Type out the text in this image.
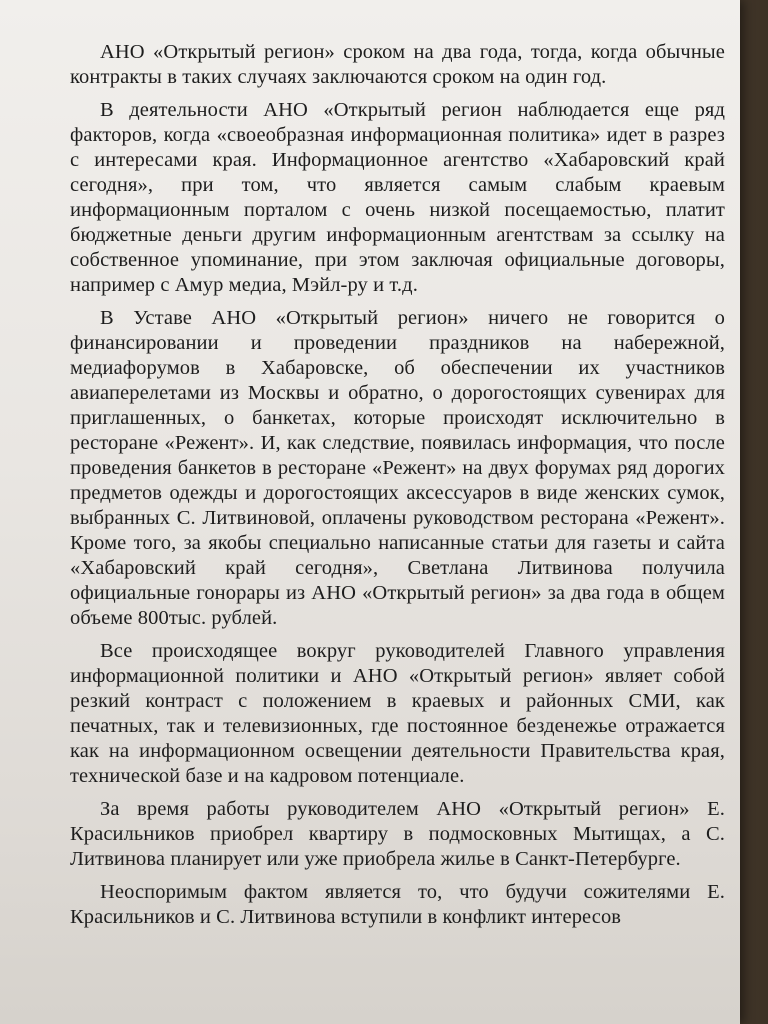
АНО «Открытый регион» сроком на два года, тогда, когда обычные контракты в таких случаях заключаются сроком на один год.

В деятельности АНО «Открытый регион наблюдается еще ряд факторов, когда «своеобразная информационная политика» идет в разрез с интересами края. Информационное агентство «Хабаровский край сегодня», при том, что является самым слабым краевым информационным порталом с очень низкой посещаемостью, платит бюджетные деньги другим информационным агентствам за ссылку на собственное упоминание, при этом заключая официальные договоры, например с Амур медиа, Мэйл-ру и т.д.

В Уставе АНО «Открытый регион» ничего не говорится о финансировании и проведении праздников на набережной, медиафорумов в Хабаровске, об обеспечении их участников авиаперелетами из Москвы и обратно, о дорогостоящих сувенирах для приглашенных, о банкетах, которые происходят исключительно в ресторане «Режент». И, как следствие, появилась информация, что после проведения банкетов в ресторане «Режент» на двух форумах ряд дорогих предметов одежды и дорогостоящих аксессуаров в виде женских сумок, выбранных С. Литвиновой, оплачены руководством ресторана «Режент». Кроме того, за якобы специально написанные статьи для газеты и сайта «Хабаровский край сегодня», Светлана Литвинова получила официальные гонорары из АНО «Открытый регион» за два года в общем объеме 800тыс. рублей.

Все происходящее вокруг руководителей Главного управления информационной политики и АНО «Открытый регион» являет собой резкий контраст с положением в краевых и районных СМИ, как печатных, так и телевизионных, где постоянное безденежье отражается как на информационном освещении деятельности Правительства края, технической базе и на кадровом потенциале.

За время работы руководителем АНО «Открытый регион» Е. Красильников приобрел квартиру в подмосковных Мытищах, а С. Литвинова планирует или уже приобрела жилье в Санкт-Петербурге.

Неоспоримым фактом является то, что будучи сожителями Е. Красильников и С. Литвинова вступили в конфликт интересов
